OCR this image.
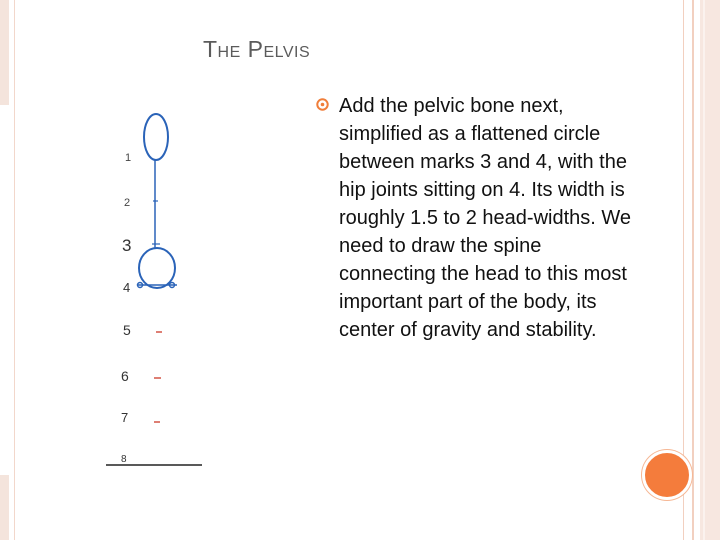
The Pelvis
1
2
3
4
5
6
7
8
Add the pelvic bone next, simplified as a flattened circle between marks 3 and 4, with the hip joints sitting on 4. Its width is roughly 1.5 to 2 head-widths. We need to draw the spine connecting the head to this most important part of the body, its center of gravity and stability.
